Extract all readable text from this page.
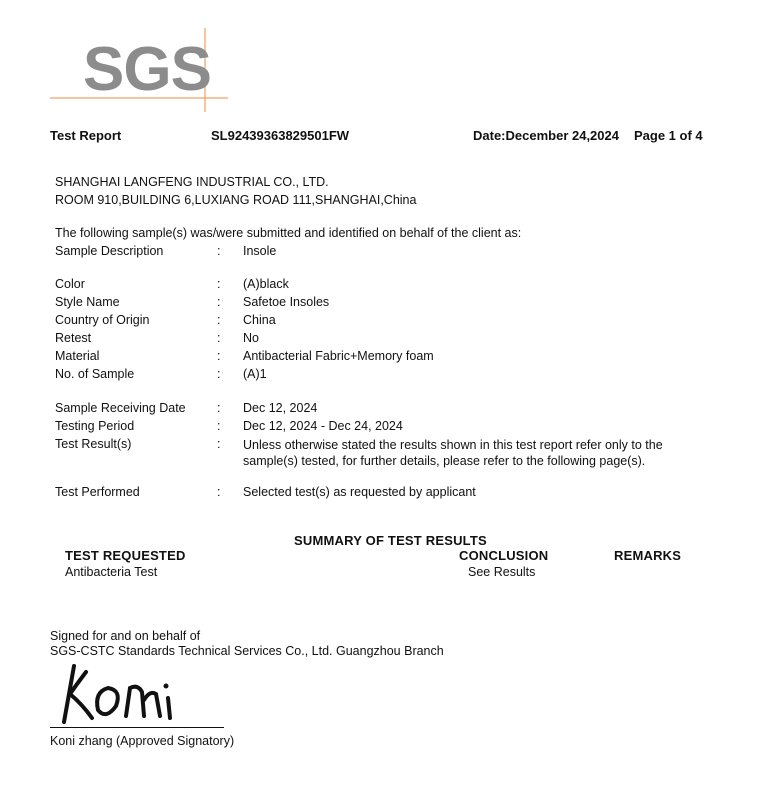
SGS
Test Report	SL92439363829501FW	Date:December 24,2024 Page 1 of 4
SHANGHAI LANGFENG INDUSTRIAL CO., LTD.
ROOM 910,BUILDING 6,LUXIANG ROAD 111,SHANGHAI,China
The following sample(s) was/were submitted and identified on behalf of the client as:
Sample Description	: Insole
Color	: (A)black
Style Name	: Safetoe Insoles
Country of Origin	: China
Retest	: No
Material	: Antibacterial Fabric+Memory foam
No. of Sample	: (A)1
Sample Receiving Date	: Dec 12, 2024
Testing Period	: Dec 12, 2024 - Dec 24, 2024
Test Result(s)	: Unless otherwise stated the results shown in this test report refer only to the sample(s) tested, for further details, please refer to the following page(s).
Test Performed	: Selected test(s) as requested by applicant
SUMMARY OF TEST RESULTS
TEST REQUESTED	CONCLUSION	REMARKS
Antibacteria Test	See Results
Signed for and on behalf of
SGS-CSTC Standards Technical Services Co., Ltd. Guangzhou Branch
Koni zhang (Approved Signatory)
